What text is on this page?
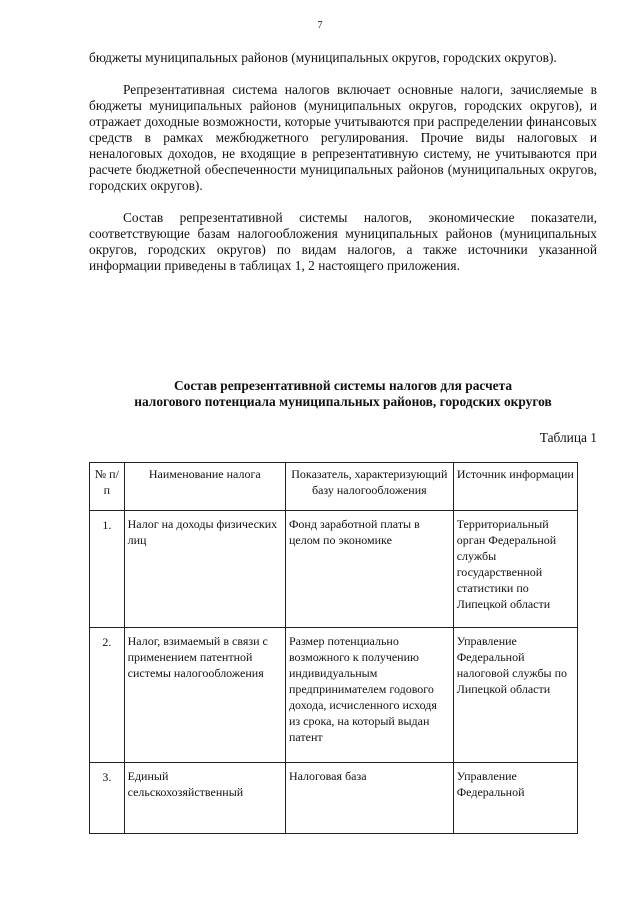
7

бюджеты муниципальных районов (муниципальных округов, городских округов).

Репрезентативная система налогов включает основные налоги, зачисляемые в бюджеты муниципальных районов (муниципальных округов, городских округов), и отражает доходные возможности, которые учитываются при распределении финансовых средств в рамках межбюджетного регулирования. Прочие виды налоговых и неналоговых доходов, не входящие в репрезентативную систему, не учитываются при расчете бюджетной обеспеченности муниципальных районов (муниципальных округов, городских округов).

Состав репрезентативной системы налогов, экономические показатели, соответствующие базам налогообложения муниципальных районов (муниципальных округов, городских округов) по видам налогов, а также источники указанной информации приведены в таблицах 1, 2 настоящего приложения.

Состав репрезентативной системы налогов для расчета
налогового потенциала муниципальных районов, городских округов
Таблица 1
№ п/п	Наименование налога	Показатель, характеризующий базу налогообложения	Источник информации
1.	Налог на доходы физических лиц	Фонд заработной платы в целом по экономике	Территориальный орган Федеральной службы государственной статистики по Липецкой области
2.	Налог, взимаемый в связи с применением патентной системы налогообложения	Размер потенциально возможного к получению индивидуальным предпринимателем годового дохода, исчисленного исходя из срока, на который выдан патент	Управление Федеральной налоговой службы по Липецкой области
3.	Единый сельскохозяйственный	Налоговая база	Управление Федеральной
